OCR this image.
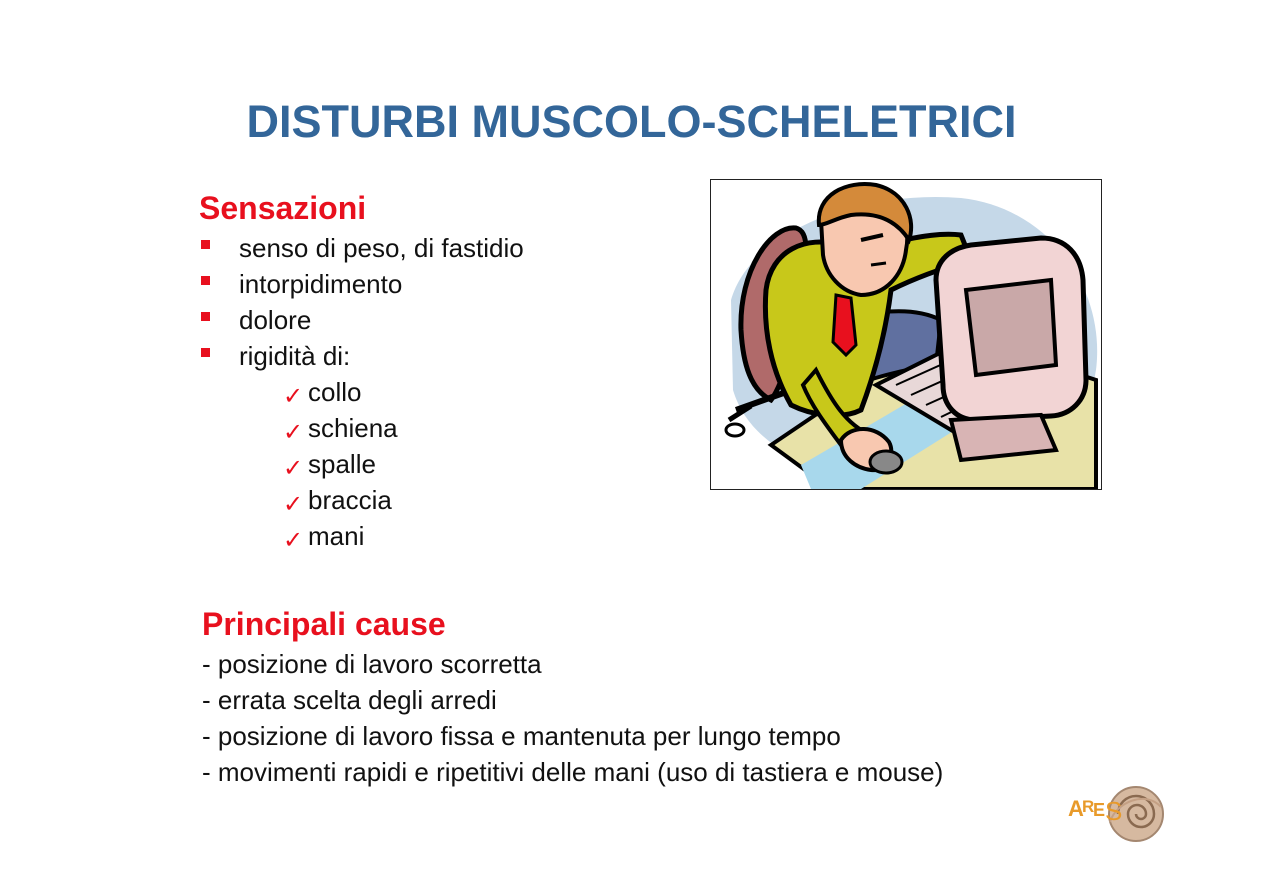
DISTURBI MUSCOLO-SCHELETRICI
Sensazioni
senso di peso, di fastidio
intorpidimento
dolore
rigidità di:
✓ collo
✓ schiena
✓ spalle
✓ braccia
✓ mani
Principali cause
- posizione di lavoro scorretta
- errata scelta degli arredi
- posizione di lavoro fissa e mantenuta per lungo tempo
- movimenti rapidi e ripetitivi delle mani (uso di tastiera e mouse)
A
R
E S
